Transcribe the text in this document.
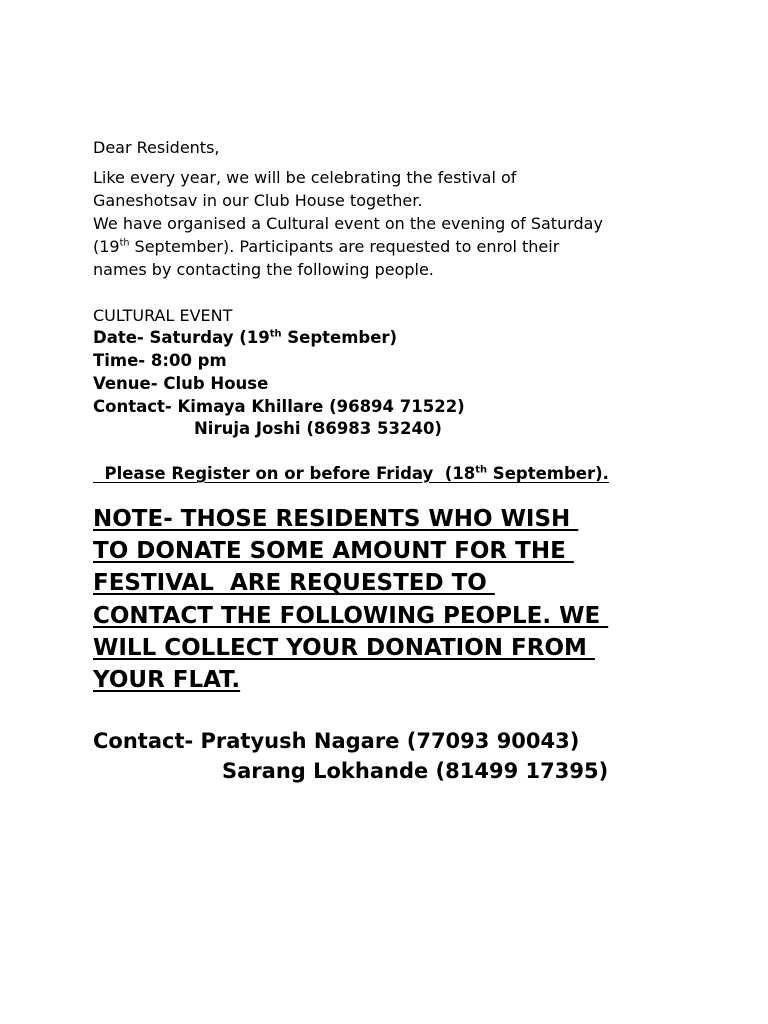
Dear Residents,

Like every year, we will be celebrating the festival of

Ganeshotsav in our Club House together.

We have organised a Cultural event on the evening of Saturday

(19th September). Participants are requested to enrol their

names by contacting the following people.

CULTURAL EVENT

Date- Saturday (19th September)

Time- 8:00 pm

Venue- Club House

Contact- Kimaya Khillare (96894 71522)

Niruja Joshi (86983 53240)

Please Register on or before Friday  (18th September).

NOTE- THOSE RESIDENTS WHO WISH

TO DONATE SOME AMOUNT FOR THE

FESTIVAL  ARE REQUESTED TO

CONTACT THE FOLLOWING PEOPLE. WE

WILL COLLECT YOUR DONATION FROM

YOUR FLAT.

Contact- Pratyush Nagare (77093 90043)

Sarang Lokhande (81499 17395)
